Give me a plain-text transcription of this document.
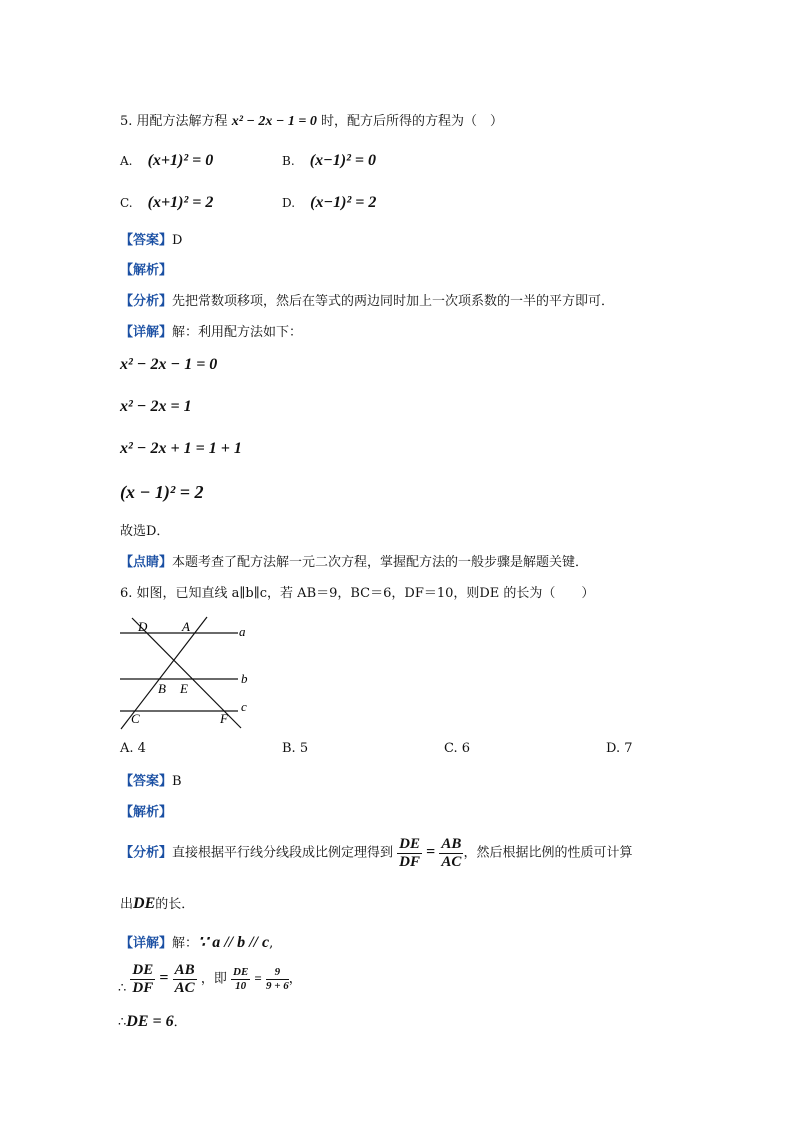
5. 用配方法解方程 x² − 2x − 1 = 0 时，配方后所得的方程为（　）
A. (x+1)² = 0	B. (x−1)² = 0
C. (x+1)² = 2	D. (x−1)² = 2
【答案】D
【解析】
【分析】先把常数项移项，然后在等式的两边同时加上一次项系数的一半的平方即可．
【详解】解：利用配方法如下：
x² − 2x − 1 = 0
x² − 2x = 1
x² − 2x + 1 = 1 + 1
(x − 1)² = 2
故选D．
【点睛】本题考查了配方法解一元二次方程，掌握配方法的一般步骤是解题关键．
6. 如图，已知直线 a∥b∥c，若 AB＝9，BC＝6，DF＝10，则DE 的长为（　　）
D	A
B E
C	F
a
b
c
A. 4	B. 5	C. 6	D. 7
【答案】B
【解析】
【分析】直接根据平行线分线段成比例定理得到 $\frac{DE}{DF} = \frac{AB}{AC}$ ，然后根据比例的性质可计算
出DE的长．
【详解】解：∵ a // b // c,
∴ $\frac{DE}{DF} = \frac{AB}{AC}$ ，即 $\frac{DE}{10} = \frac{9}{9 + 6}$ ，
∴DE = 6．
